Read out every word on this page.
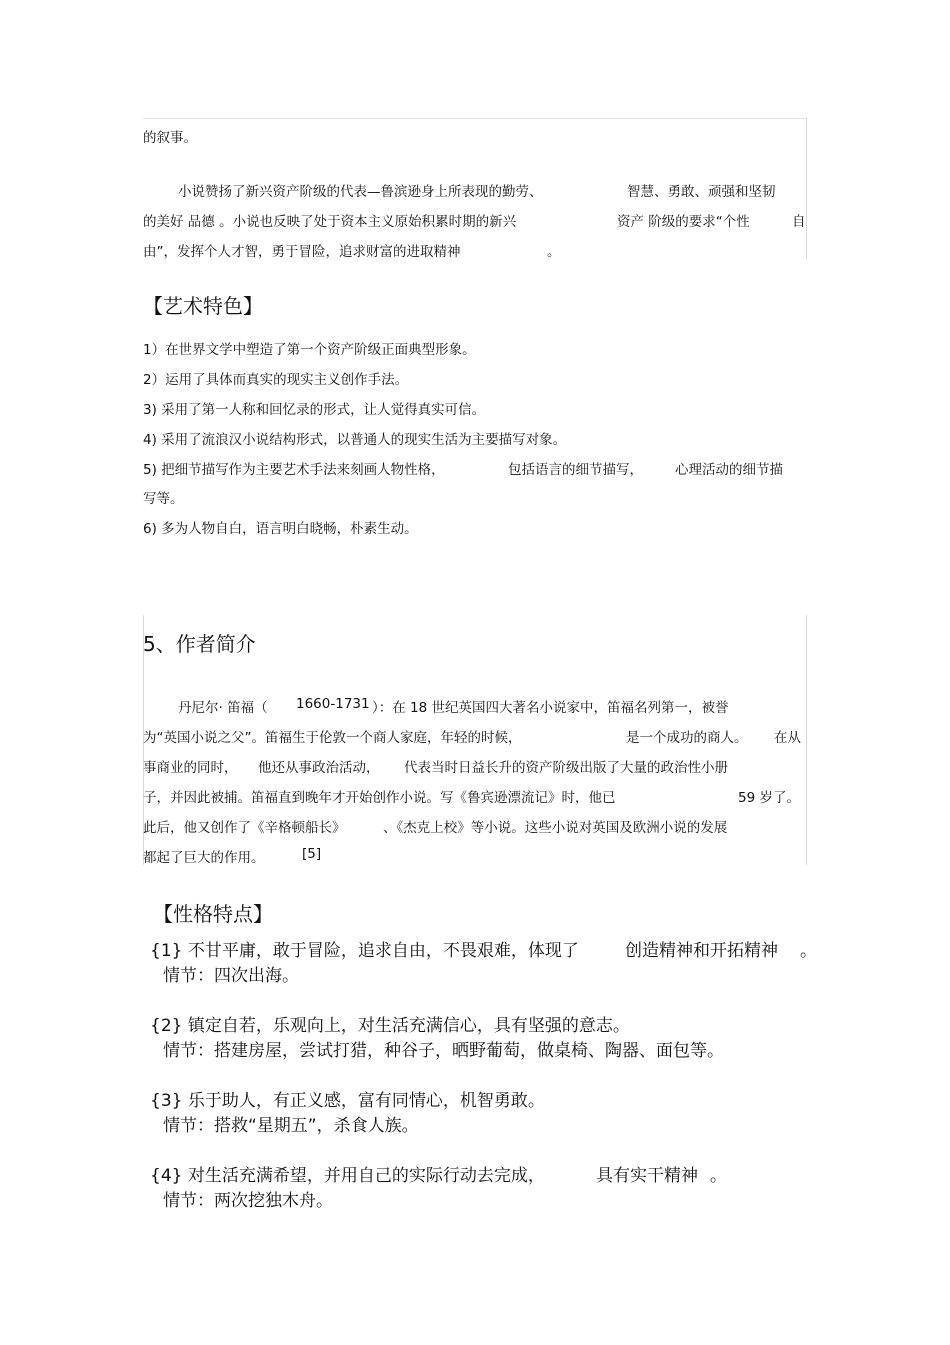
的叙事。
小说赞扬了新兴资产阶级的代表—鲁滨逊身上所表现的勤劳、	智慧、勇敢、顽强和坚韧
的美好 品德 。小说也反映了处于资本主义原始积累时期的新兴	资产 阶级的要求“个性	自
由”，发挥个人才智，勇于冒险，追求财富的进取精神	。
【艺术特色】
1）在世界文学中塑造了第一个资产阶级正面典型形象。
2）运用了具体而真实的现实主义创作手法。
3) 采用了第一人称和回忆录的形式，让人觉得真实可信。
4) 采用了流浪汉小说结构形式，以普通人的现实生活为主要描写对象。
5) 把细节描写作为主要艺术手法来刻画人物性格，	包括语言的细节描写， 心理活动的细节描
写等。
6) 多为人物自白，语言明白晓畅，朴素生动。
5、作者简介
丹尼尔· 笛福（ 1660-1731 ）：在 18 世纪英国四大著名小说家中，笛福名列第一，被誉
为“英国小说之父”。笛福生于伦敦一个商人家庭，年轻的时候，	是一个成功的商人。 在从
事商业的同时， 他还从事政治活动， 代表当时日益长升的资产阶级出版了大量的政治性小册
子，并因此被捕。笛福直到晚年才开始创作小说。写《鲁宾逊漂流记》时，他已	59 岁了。
此后，他又创作了《辛格顿船长》	、《杰克上校》等小说。这些小说对英国及欧洲小说的发展
都起了巨大的作用。	[5]
【性格特点】
{1} 不甘平庸，敢于冒险，追求自由，不畏艰难，体现了	创造精神和开拓精神 。
情节：四次出海。
{2} 镇定自若，乐观向上，对生活充满信心，具有坚强的意志。
情节：搭建房屋，尝试打猎，种谷子，晒野葡萄，做桌椅、陶器、面包等。
{3} 乐于助人，有正义感，富有同情心，机智勇敢。
情节：搭救“星期五”，杀食人族。
{4} 对生活充满希望，并用自己的实际行动去完成，	具有实干精神 。
情节：两次挖独木舟。
